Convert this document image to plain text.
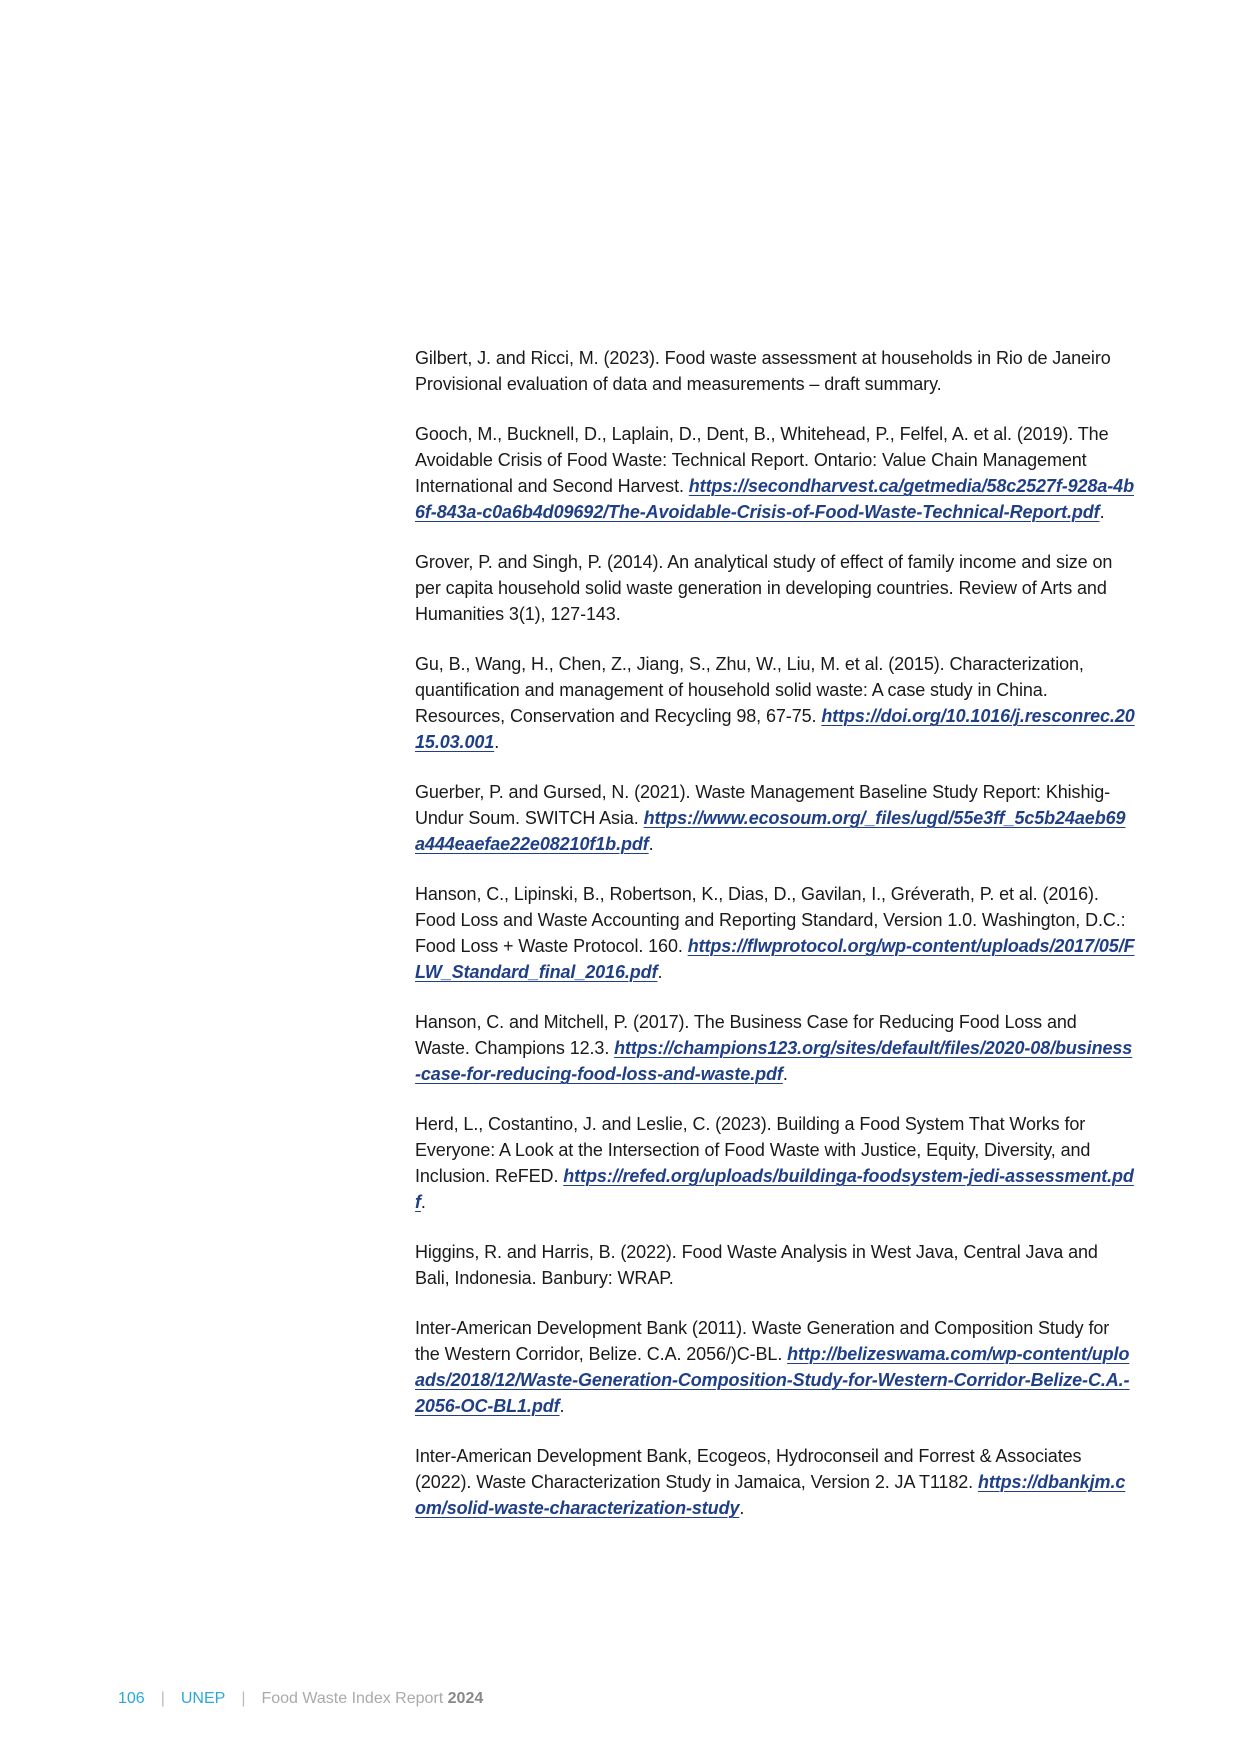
Gilbert, J. and Ricci, M. (2023). Food waste assessment at households in Rio de Janeiro Provisional evaluation of data and measurements – draft summary.

Gooch, M., Bucknell, D., Laplain, D., Dent, B., Whitehead, P., Felfel, A. et al. (2019). The Avoidable Crisis of Food Waste: Technical Report. Ontario: Value Chain Management International and Second Harvest. https://secondharvest.ca/getmedia/58c2527f-928a-4b6f-843a-c0a6b4d09692/The-Avoidable-Crisis-of-Food-Waste-Technical-Report.pdf.

Grover, P. and Singh, P. (2014). An analytical study of effect of family income and size on per capita household solid waste generation in developing countries. Review of Arts and Humanities 3(1), 127-143.

Gu, B., Wang, H., Chen, Z., Jiang, S., Zhu, W., Liu, M. et al. (2015). Characterization, quantification and management of household solid waste: A case study in China. Resources, Conservation and Recycling 98, 67-75. https://doi.org/10.1016/j.resconrec.2015.03.001.

Guerber, P. and Gursed, N. (2021). Waste Management Baseline Study Report: Khishig-Undur Soum. SWITCH Asia. https://www.ecosoum.org/_files/ugd/55e3ff_5c5b24aeb69a444eaefae22e08210f1b.pdf.

Hanson, C., Lipinski, B., Robertson, K., Dias, D., Gavilan, I., Gréverath, P. et al. (2016). Food Loss and Waste Accounting and Reporting Standard, Version 1.0. Washington, D.C.: Food Loss + Waste Protocol. 160. https://flwprotocol.org/wp-content/uploads/2017/05/FLW_Standard_final_2016.pdf.

Hanson, C. and Mitchell, P. (2017). The Business Case for Reducing Food Loss and Waste. Champions 12.3. https://champions123.org/sites/default/files/2020-08/business-case-for-reducing-food-loss-and-waste.pdf.

Herd, L., Costantino, J. and Leslie, C. (2023). Building a Food System That Works for Everyone: A Look at the Intersection of Food Waste with Justice, Equity, Diversity, and Inclusion. ReFED. https://refed.org/uploads/buildinga-foodsystem-jedi-assessment.pdf.

Higgins, R. and Harris, B. (2022). Food Waste Analysis in West Java, Central Java and Bali, Indonesia. Banbury: WRAP.

Inter-American Development Bank (2011). Waste Generation and Composition Study for the Western Corridor, Belize. C.A. 2056/)C-BL. http://belizeswama.com/wp-content/uploads/2018/12/Waste-Generation-Composition-Study-for-Western-Corridor-Belize-C.A.-2056-OC-BL1.pdf.

Inter-American Development Bank, Ecogeos, Hydroconseil and Forrest & Associates (2022). Waste Characterization Study in Jamaica, Version 2. JA T1182. https://dbankjm.com/solid-waste-characterization-study.

106 | UNEP | Food Waste Index Report 2024
